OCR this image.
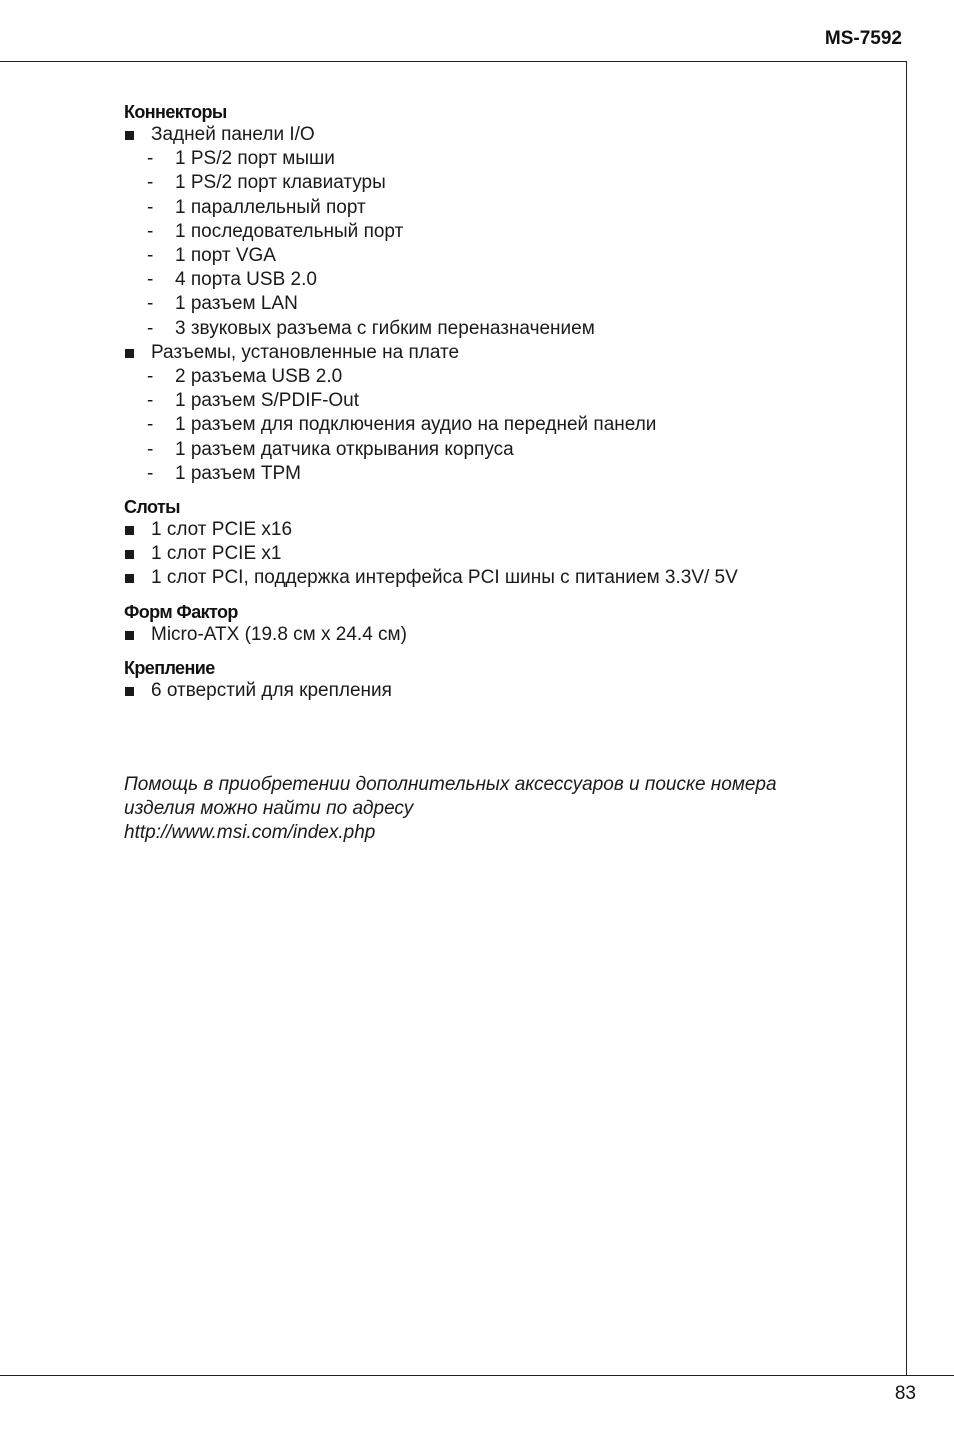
MS-7592
Коннекторы
Задней панели I/O
- 1 PS/2 порт мыши
- 1 PS/2 порт клавиатуры
- 1 параллельный порт
- 1 последовательный порт
- 1 порт VGA
- 4 порта USB 2.0
- 1 разъем LAN
- 3 звуковых разъема с гибким переназначением
Разъемы, установленные на плате
- 2 разъема USB 2.0
- 1 разъем S/PDIF-Out
- 1 разъем для подключения аудио на передней панели
- 1 разъем датчика открывания корпуса
- 1 разъем TPM
Слоты
1 слот PCIE x16
1 слот PCIE x1
1 слот PCI, поддержка интерфейса PCI шины с питанием 3.3V/ 5V
Форм Фактор
Micro-ATX (19.8 см x 24.4 см)
Крепление
6 отверстий для крепления
Помощь в приобретении дополнительных аксессуаров и поиске номера
изделия можно найти по адресу
http://www.msi.com/index.php
83
